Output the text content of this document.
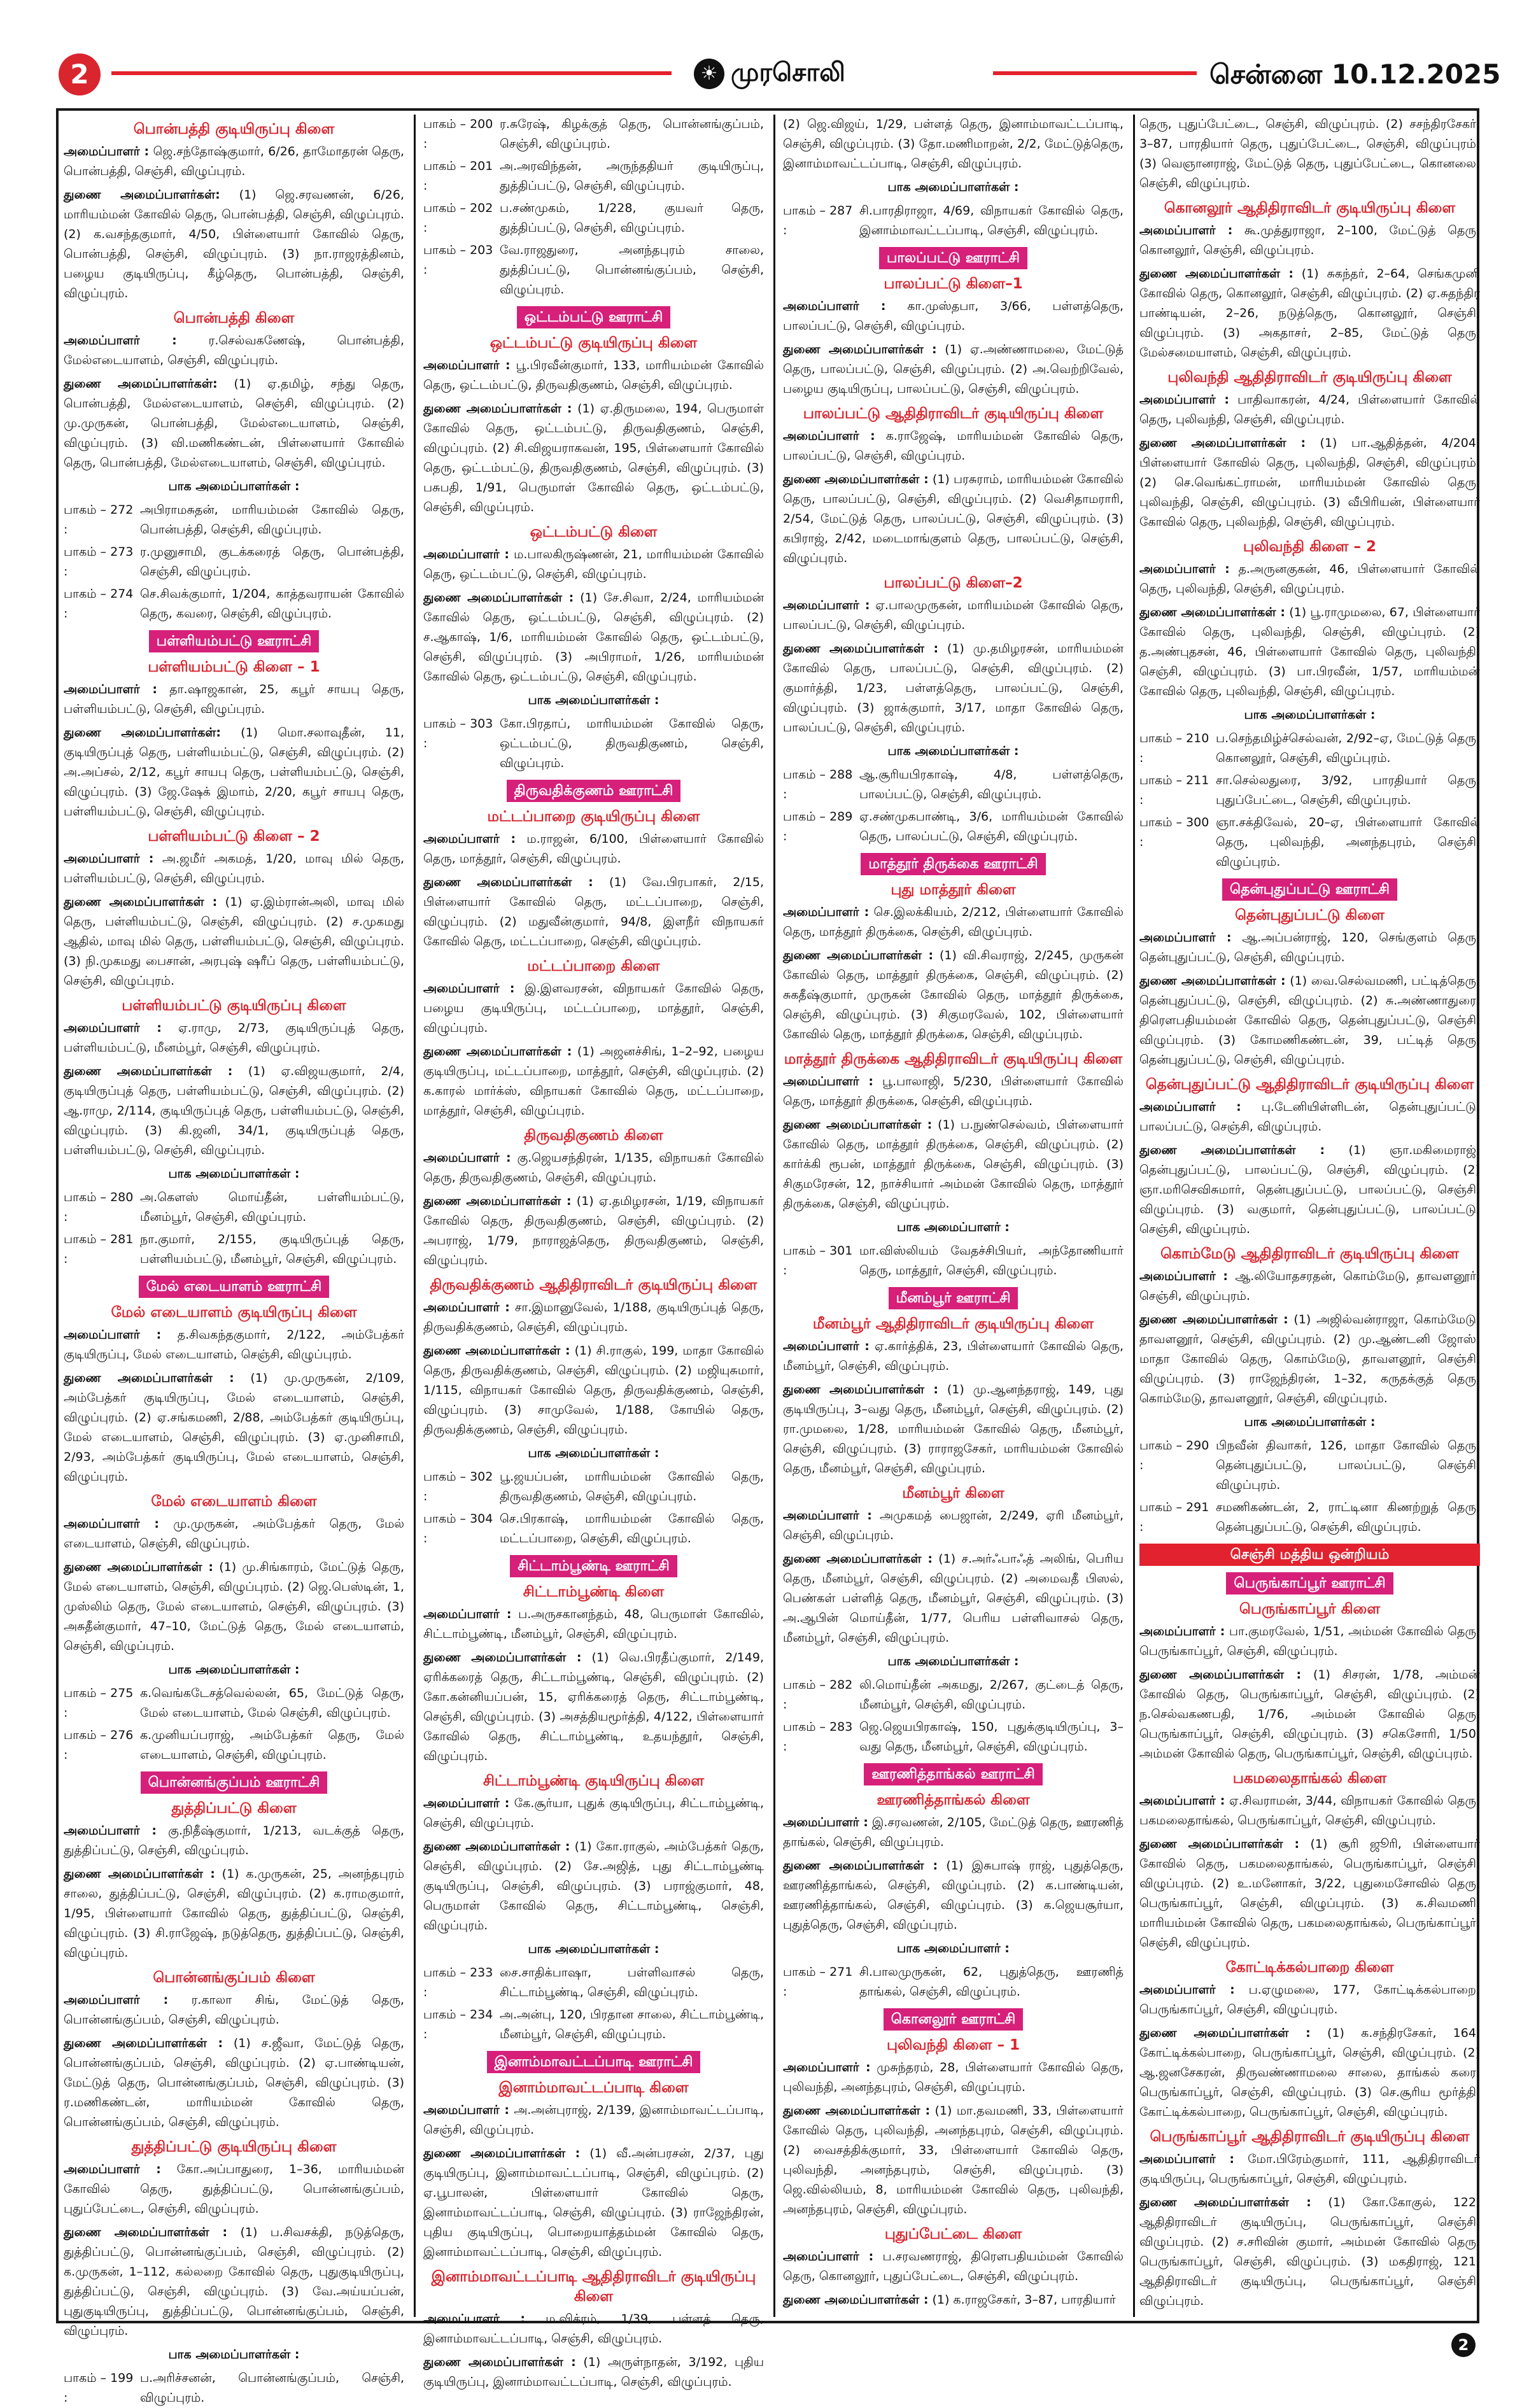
2	☀ முரசொலி	சென்னை 10.12.2025
பொன்பத்தி குடியிருப்பு கிளை
அமைப்பாளர் : ஜெ.சந்தோஷ்குமார், 6/26, தாமோதரன் தெரு, பொன்பத்தி, செஞ்சி, விழுப்புரம்.
துணை அமைப்பாளர்கள்: (1) ஜெ.சரவணன், 6/26, மாரியம்மன் கோவில் தெரு, பொன்பத்தி, செஞ்சி, விழுப்புரம். (2) க.வசந்தகுமார், 4/50, பிள்ளையார் கோவில் தெரு, பொன்பத்தி, செஞ்சி, விழுப்புரம். (3) நா.ராஜரத்தினம், பழைய குடியிருப்பு, கீழ்தெரு, பொன்பத்தி, செஞ்சி, விழுப்புரம்.
பொன்பத்தி கிளை
அமைப்பாளர் : ர.செல்வகணேஷ், பொன்பத்தி, மேல்எடையாளம், செஞ்சி, விழுப்புரம்.
துணை அமைப்பாளர்கள்: (1) ஏ.தமிழ், சந்து தெரு, பொன்பத்தி, மேல்எடையாளம், செஞ்சி, விழுப்புரம். (2) மு.முருகன், பொன்பத்தி, மேல்எடையாளம், செஞ்சி, விழுப்புரம். (3) வி.மணிகண்டன், பிள்ளையார் கோவில் தெரு, பொன்பத்தி, மேல்எடையாளம், செஞ்சி, விழுப்புரம்.
பாக அமைப்பாளர்கள் :
பாகம் – 272 :
அபிராமசுதன், மாரியம்மன் கோவில் தெரு, பொன்பத்தி, செஞ்சி, விழுப்புரம்.
பாகம் – 273 :
ர.முனுசாமி, குடக்கரைத் தெரு, பொன்பத்தி, செஞ்சி, விழுப்புரம்.
பாகம் – 274 :
செ.சிவக்குமார், 1/204, காத்தவராயன் கோவில் தெரு, கவரை, செஞ்சி, விழுப்புரம்.
பள்ளியம்பட்டு ஊராட்சி
பள்ளியம்பட்டு கிளை – 1
அமைப்பாளர் : தா.ஷாஜகான், 25, கபூர் சாயபு தெரு, பள்ளியம்பட்டு, செஞ்சி, விழுப்புரம்.
துணை அமைப்பாளர்கள்: (1) மொ.சலாவுதீன், 11, குடியிருப்புத் தெரு, பள்ளியம்பட்டு, செஞ்சி, விழுப்புரம். (2) அ.அப்சல், 2/12, கபூர் சாயபு தெரு, பள்ளியம்பட்டு, செஞ்சி, விழுப்புரம். (3) ஜே.ஷேக் இமாம், 2/20, கபூர் சாயபு தெரு, பள்ளியம்பட்டு, செஞ்சி, விழுப்புரம்.
பள்ளியம்பட்டு கிளை – 2
அமைப்பாளர் : அ.ஜமீர் அகமத், 1/20, மாவு மில் தெரு, பள்ளியம்பட்டு, செஞ்சி, விழுப்புரம்.
துணை அமைப்பாளர்கள் : (1) ஏ.இம்ரான்அலி, மாவு மில் தெரு, பள்ளியம்பட்டு, செஞ்சி, விழுப்புரம். (2) ச.முகமது ஆதில், மாவு மில் தெரு, பள்ளியம்பட்டு, செஞ்சி, விழுப்புரம். (3) நி.முகமது பைசான், அரபுஷ் ஷரீப் தெரு, பள்ளியம்பட்டு, செஞ்சி, விழுப்புரம்.
பள்ளியம்பட்டு குடியிருப்பு கிளை
அமைப்பாளர் : ஏ.ராமு, 2/73, குடியிருப்புத் தெரு, பள்ளியம்பட்டு, மீனம்பூர், செஞ்சி, விழுப்புரம்.
துணை அமைப்பாளர்கள் : (1) ஏ.விஜயகுமார், 2/4, குடியிருப்புத் தெரு, பள்ளியம்பட்டு, செஞ்சி, விழுப்புரம். (2) ஆ.ராமு, 2/114, குடியிருப்புத் தெரு, பள்ளியம்பட்டு, செஞ்சி, விழுப்புரம். (3) கி.ஜனி, 34/1, குடியிருப்புத் தெரு, பள்ளியம்பட்டு, செஞ்சி, விழுப்புரம்.
பாக அமைப்பாளர்கள் :
பாகம் – 280 :
அ.கௌஸ் மொய்தீன், பள்ளியம்பட்டு, மீனம்பூர், செஞ்சி, விழுப்புரம்.
பாகம் – 281 :
நா.குமார், 2/155, குடியிருப்புத் தெரு, பள்ளியம்பட்டு, மீனம்பூர், செஞ்சி, விழுப்புரம்.
மேல் எடையாளம் ஊராட்சி
மேல் எடையாளம் குடியிருப்பு கிளை
அமைப்பாளர் : த.சிவகந்தகுமார், 2/122, அம்பேத்கர் குடியிருப்பு, மேல் எடையாளம், செஞ்சி, விழுப்புரம்.
துணை அமைப்பாளர்கள் : (1) மு.முருகன், 2/109, அம்பேத்கர் குடியிருப்பு, மேல் எடையாளம், செஞ்சி, விழுப்புரம். (2) ஏ.சங்கமணி, 2/88, அம்பேத்கர் குடியிருப்பு, மேல் எடையாளம், செஞ்சி, விழுப்புரம். (3) ஏ.முனிசாமி, 2/93, அம்பேத்கர் குடியிருப்பு, மேல் எடையாளம், செஞ்சி, விழுப்புரம்.
மேல் எடையாளம் கிளை
அமைப்பாளர் : மு.முருகன், அம்பேத்கர் தெரு, மேல் எடையாளம், செஞ்சி, விழுப்புரம்.
துணை அமைப்பாளர்கள் : (1) மு.சிங்காரம், மேட்டுத் தெரு, மேல் எடையாளம், செஞ்சி, விழுப்புரம். (2) ஜெ.பெஸ்டின், 1, முஸ்லிம் தெரு, மேல் எடையாளம், செஞ்சி, விழுப்புரம். (3) அசுதீன்குமார், 47–10, மேட்டுத் தெரு, மேல் எடையாளம், செஞ்சி, விழுப்புரம்.
பாக அமைப்பாளர்கள் :
பாகம் – 275 :
க.வெங்கடேசத்வெல்லன், 65, மேட்டுத் தெரு, மேல் எடையாளம், மேல் செஞ்சி, விழுப்புரம்.
பாகம் – 276 :
க.முனியப்பராஜ், அம்பேத்கர் தெரு, மேல் எடையாளம், செஞ்சி, விழுப்புரம்.
பொன்னங்குப்பம் ஊராட்சி
துத்திப்பட்டு கிளை
அமைப்பாளர் : கு.நிதீஷ்குமார், 1/213, வடக்குத் தெரு, துத்திப்பட்டு, செஞ்சி, விழுப்புரம்.
துணை அமைப்பாளர்கள் : (1) க.முருகன், 25, அனந்தபுரம் சாலை, துத்திப்பட்டு, செஞ்சி, விழுப்புரம். (2) க.ராமகுமார், 1/95, பிள்ளையார் கோவில் தெரு, துத்திப்பட்டு, செஞ்சி, விழுப்புரம். (3) சி.ராஜேஷ், நடுத்தெரு, துத்திப்பட்டு, செஞ்சி, விழுப்புரம்.
பொன்னங்குப்பம் கிளை
அமைப்பாளர் : ர.காலா சிங், மேட்டுத் தெரு, பொன்னங்குப்பம், செஞ்சி, விழுப்புரம்.
துணை அமைப்பாளர்கள் : (1) ச.ஜீவா, மேட்டுத் தெரு, பொன்னங்குப்பம், செஞ்சி, விழுப்புரம். (2) ஏ.பாண்டியன், மேட்டுத் தெரு, பொன்னங்குப்பம், செஞ்சி, விழுப்புரம். (3) ர.மணிகண்டன், மாரியம்மன் கோவில் தெரு, பொன்னங்குப்பம், செஞ்சி, விழுப்புரம்.
துத்திப்பட்டு குடியிருப்பு கிளை
அமைப்பாளர் : கோ.அப்பாதுரை, 1–36, மாரியம்மன் கோவில் தெரு, துத்திப்பட்டு, பொன்னங்குப்பம், புதுப்பேட்டை, செஞ்சி, விழுப்புரம்.
துணை அமைப்பாளர்கள் : (1) ப.சிவசக்தி, நடுத்தெரு, துத்திப்பட்டு, பொன்னங்குப்பம், செஞ்சி, விழுப்புரம். (2) க.முருகன், 1–112, கல்லறை கோவில் தெரு, புதுகுடியிருப்பு, துத்திப்பட்டு, செஞ்சி, விழுப்புரம். (3) வே.அய்யப்பன், புதுகுடியிருப்பு, துத்திப்பட்டு, பொன்னங்குப்பம், செஞ்சி, விழுப்புரம்.
பாக அமைப்பாளர்கள் :
பாகம் – 199 :
ப.அரிச்சனன், பொன்னங்குப்பம், செஞ்சி, விழுப்புரம்.
பாகம் – 200 :
ர.சுரேஷ், கிழக்குத் தெரு, பொன்னங்குப்பம், செஞ்சி, விழுப்புரம்.
பாகம் – 201 :
அ.அரவிந்தன், அருந்ததியர் குடியிருப்பு, துத்திப்பட்டு, செஞ்சி, விழுப்புரம்.
பாகம் – 202 :
ப.சண்முகம், 1/228, குயவர் தெரு, துத்திப்பட்டு, செஞ்சி, விழுப்புரம்.
பாகம் – 203 :
வே.ராஜதுரை, அனந்தபுரம் சாலை, துத்திப்பட்டு, பொன்னங்குப்பம், செஞ்சி, விழுப்புரம்.
ஒட்டம்பட்டு ஊராட்சி
ஒட்டம்பட்டு குடியிருப்பு கிளை
அமைப்பாளர் : பூ.பிரவீன்குமார், 133, மாரியம்மன் கோவில் தெரு, ஒட்டம்பட்டு, திருவதிகுணம், செஞ்சி, விழுப்புரம்.
துணை அமைப்பாளர்கள் : (1) ஏ.திருமலை, 194, பெருமாள் கோவில் தெரு, ஒட்டம்பட்டு, திருவதிகுணம், செஞ்சி, விழுப்புரம். (2) சி.விஜயராகவன், 195, பிள்ளையார் கோவில் தெரு, ஒட்டம்பட்டு, திருவதிகுணம், செஞ்சி, விழுப்புரம். (3) பசுபதி, 1/91, பெருமாள் கோவில் தெரு, ஒட்டம்பட்டு, செஞ்சி, விழுப்புரம்.
ஒட்டம்பட்டு கிளை
அமைப்பாளர் : ம.பாலகிருஷ்ணன், 21, மாரியம்மன் கோவில் தெரு, ஒட்டம்பட்டு, செஞ்சி, விழுப்புரம்.
துணை அமைப்பாளர்கள் : (1) சே.சிவா, 2/24, மாரியம்மன் கோவில் தெரு, ஒட்டம்பட்டு, செஞ்சி, விழுப்புரம். (2) ச.ஆகாஷ், 1/6, மாரியம்மன் கோவில் தெரு, ஒட்டம்பட்டு, செஞ்சி, விழுப்புரம். (3) அபிராமர், 1/26, மாரியம்மன் கோவில் தெரு, ஒட்டம்பட்டு, செஞ்சி, விழுப்புரம்.
பாக அமைப்பாளர்கள் :
பாகம் – 303 :
கோ.பிரதாப், மாரியம்மன் கோவில் தெரு, ஒட்டம்பட்டு, திருவதிகுணம், செஞ்சி, விழுப்புரம்.
திருவதிக்குணம் ஊராட்சி
மட்டப்பாறை குடியிருப்பு கிளை
அமைப்பாளர் : ம.ராஜன், 6/100, பிள்ளையார் கோவில் தெரு, மாத்தூர், செஞ்சி, விழுப்புரம்.
துணை அமைப்பாளர்கள் : (1) வே.பிரபாகர், 2/15, பிள்ளையார் கோவில் தெரு, மட்டப்பாறை, செஞ்சி, விழுப்புரம். (2) மதுவீன்குமார், 94/8, இளநீர் விநாயகர் கோவில் தெரு, மட்டப்பாறை, செஞ்சி, விழுப்புரம்.
மட்டப்பாறை கிளை
அமைப்பாளர் : இ.இளவரசன், விநாயகர் கோவில் தெரு, பழைய குடியிருப்பு, மட்டப்பாறை, மாத்தூர், செஞ்சி, விழுப்புரம்.
துணை அமைப்பாளர்கள் : (1) அஜனச்சிங், 1–2–92, பழைய குடியிருப்பு, மட்டப்பாறை, மாத்தூர், செஞ்சி, விழுப்புரம். (2) க.காரல் மார்க்ஸ், விநாயகர் கோவில் தெரு, மட்டப்பாறை, மாத்தூர், செஞ்சி, விழுப்புரம்.
திருவதிகுணம் கிளை
அமைப்பாளர் : கு.ஜெயசந்திரன், 1/135, விநாயகர் கோவில் தெரு, திருவதிகுணம், செஞ்சி, விழுப்புரம்.
துணை அமைப்பாளர்கள் : (1) ஏ.தமிழரசன், 1/19, விநாயகர் கோவில் தெரு, திருவதிகுணம், செஞ்சி, விழுப்புரம். (2) அபராஜ், 1/79, நாராஜத்தெரு, திருவதிகுணம், செஞ்சி, விழுப்புரம்.
திருவதிக்குணம் ஆதிதிராவிடர் குடியிருப்பு கிளை
அமைப்பாளர் : சா.இமானுவேல், 1/188, குடியிருப்புத் தெரு, திருவதிக்குணம், செஞ்சி, விழுப்புரம்.
துணை அமைப்பாளர்கள் : (1) சி.ராகுல், 199, மாதா கோவில் தெரு, திருவதிக்குணம், செஞ்சி, விழுப்புரம். (2) மஜியுசுமார், 1/115, விநாயகர் கோவில் தெரு, திருவதிக்குணம், செஞ்சி, விழுப்புரம். (3) சாமுவேல், 1/188, கோயில் தெரு, திருவதிக்குணம், செஞ்சி, விழுப்புரம்.
பாக அமைப்பாளர்கள் :
பாகம் – 302 :
பூ.ஜயப்பன், மாரியம்மன் கோவில் தெரு, திருவதிகுணம், செஞ்சி, விழுப்புரம்.
பாகம் – 304 :
செ.பிரகாஷ், மாரியம்மன் கோவில் தெரு, மட்டப்பாறை, செஞ்சி, விழுப்புரம்.
சிட்டாம்பூண்டி ஊராட்சி
சிட்டாம்பூண்டி கிளை
அமைப்பாளர் : ப.அருசகானந்தம், 48, பெருமாள் கோவில், சிட்டாம்பூண்டி, மீனம்பூர், செஞ்சி, விழுப்புரம்.
துணை அமைப்பாளர்கள் : (1) வெ.பிரதீப்குமார், 2/149, ஏரிக்கரைத் தெரு, சிட்டாம்பூண்டி, செஞ்சி, விழுப்புரம். (2) கோ.கன்னியப்பன், 15, ஏரிக்கரைத் தெரு, சிட்டாம்பூண்டி, செஞ்சி, விழுப்புரம். (3) அசத்தியமூர்த்தி, 4/122, பிள்ளையார் கோவில் தெரு, சிட்டாம்பூண்டி, உதயந்தூர், செஞ்சி, விழுப்புரம்.
சிட்டாம்பூண்டி குடியிருப்பு கிளை
அமைப்பாளர் : கே.சூர்யா, புதுக் குடியிருப்பு, சிட்டாம்பூண்டி, செஞ்சி, விழுப்புரம்.
துணை அமைப்பாளர்கள் : (1) கோ.ராகுல், அம்பேத்கர் தெரு, செஞ்சி, விழுப்புரம். (2) சே.அஜித், புது சிட்டாம்பூண்டி குடியிருப்பு, செஞ்சி, விழுப்புரம். (3) பராஜ்குமார், 48, பெருமாள் கோவில் தெரு, சிட்டாம்பூண்டி, செஞ்சி, விழுப்புரம்.
பாக அமைப்பாளர்கள் :
பாகம் – 233 :
சை.சாதிக்பாஷா, பள்ளிவாசல் தெரு, சிட்டாம்பூண்டி, செஞ்சி, விழுப்புரம்.
பாகம் – 234 :
அ.அன்பு, 120, பிரதான சாலை, சிட்டாம்பூண்டி, மீனம்பூர், செஞ்சி, விழுப்புரம்.
இனாம்மாவட்டப்பாடி ஊராட்சி
இனாம்மாவட்டப்பாடி கிளை
அமைப்பாளர் : அ.அன்புராஜ், 2/139, இனாம்மாவட்டப்பாடி, செஞ்சி, விழுப்புரம்.
துணை அமைப்பாளர்கள் : (1) வீ.அன்பரசன், 2/37, புது குடியிருப்பு, இனாம்மாவட்டப்பாடி, செஞ்சி, விழுப்புரம். (2) ஏ.பூபாலன், பிள்ளையார் கோவில் தெரு, இனாம்மாவட்டப்பாடி, செஞ்சி, விழுப்புரம். (3) ராஜேந்திரன், புதிய குடியிருப்பு, பொறையாத்தம்மன் கோவில் தெரு, இனாம்மாவட்டப்பாடி, செஞ்சி, விழுப்புரம்.
இனாம்மாவட்டப்பாடி ஆதிதிராவிடர் குடியிருப்பு கிளை
அமைப்பாளர் : ம.விக்ரம், 1/39, பள்ளத் தெரு, இனாம்மாவட்டப்பாடி, செஞ்சி, விழுப்புரம்.
துணை அமைப்பாளர்கள் : (1) அருள்நாதன், 3/192, புதிய குடியிருப்பு, இனாம்மாவட்டப்பாடி, செஞ்சி, விழுப்புரம்.
(2) ஜெ.விஜய், 1/29, பள்ளத் தெரு, இனாம்மாவட்டப்பாடி, செஞ்சி, விழுப்புரம். (3) தோ.மணிமாறன், 2/2, மேட்டுத்தெரு, இனாம்மாவட்டப்பாடி, செஞ்சி, விழுப்புரம்.
பாக அமைப்பாளர்கள் :
பாகம் – 287 :
சி.பாரதிராஜா, 4/69, விநாயகர் கோவில் தெரு, இனாம்மாவட்டப்பாடி, செஞ்சி, விழுப்புரம்.
பாலப்பட்டு ஊராட்சி
பாலப்பட்டு கிளை–1
அமைப்பாளர் : கா.முஸ்தபா, 3/66, பள்ளத்தெரு, பாலப்பட்டு, செஞ்சி, விழுப்புரம்.
துணை அமைப்பாளர்கள் : (1) ஏ.அண்ணாமலை, மேட்டுத் தெரு, பாலப்பட்டு, செஞ்சி, விழுப்புரம். (2) அ.வெற்றிவேல், பழைய குடியிருப்பு, பாலப்பட்டு, செஞ்சி, விழுப்புரம்.
பாலப்பட்டு ஆதிதிராவிடர் குடியிருப்பு கிளை
அமைப்பாளர் : க.ராஜேஷ், மாரியம்மன் கோவில் தெரு, பாலப்பட்டு, செஞ்சி, விழுப்புரம்.
துணை அமைப்பாளர்கள் : (1) பரசுராம், மாரியம்மன் கோவில் தெரு, பாலப்பட்டு, செஞ்சி, விழுப்புரம். (2) வெசிதாமராரி, 2/54, மேட்டுத் தெரு, பாலப்பட்டு, செஞ்சி, விழுப்புரம். (3) கபிராஜ், 2/42, மடைமாங்குளம் தெரு, பாலப்பட்டு, செஞ்சி, விழுப்புரம்.
பாலப்பட்டு கிளை–2
அமைப்பாளர் : ஏ.பாலமுருகன், மாரியம்மன் கோவில் தெரு, பாலப்பட்டு, செஞ்சி, விழுப்புரம்.
துணை அமைப்பாளர்கள் : (1) மு.தமிழரசன், மாரியம்மன் கோவில் தெரு, பாலப்பட்டு, செஞ்சி, விழுப்புரம். (2) குமார்த்தி, 1/23, பள்ளத்தெரு, பாலப்பட்டு, செஞ்சி, விழுப்புரம். (3) ஜாக்குமார், 3/17, மாதா கோவில் தெரு, பாலப்பட்டு, செஞ்சி, விழுப்புரம்.
பாக அமைப்பாளர்கள் :
பாகம் – 288 :
ஆ.சூரியபிரகாஷ், 4/8, பள்ளத்தெரு, பாலப்பட்டு, செஞ்சி, விழுப்புரம்.
பாகம் – 289 :
ஏ.சண்முகபாண்டி, 3/6, மாரியம்மன் கோவில் தெரு, பாலப்பட்டு, செஞ்சி, விழுப்புரம்.
மாத்தூர் திருக்கை ஊராட்சி
புது மாத்தூர் கிளை
அமைப்பாளர் : செ.இலக்கியம், 2/212, பிள்ளையார் கோவில் தெரு, மாத்தூர் திருக்கை, செஞ்சி, விழுப்புரம்.
துணை அமைப்பாளர்கள் : (1) வி.சிவராஜ், 2/245, முருகன் கோவில் தெரு, மாத்தூர் திருக்கை, செஞ்சி, விழுப்புரம். (2) சுகதீஷ்குமார், முருகன் கோவில் தெரு, மாத்தூர் திருக்கை, செஞ்சி, விழுப்புரம். (3) சிகுமரவேல், 102, பிள்ளையார் கோவில் தெரு, மாத்தூர் திருக்கை, செஞ்சி, விழுப்புரம்.
மாத்தூர் திருக்கை ஆதிதிராவிடர் குடியிருப்பு கிளை
அமைப்பாளர் : பூ.பாலாஜி, 5/230, பிள்ளையார் கோவில் தெரு, மாத்தூர் திருக்கை, செஞ்சி, விழுப்புரம்.
துணை அமைப்பாளர்கள் : (1) ப.நுண்செல்வம், பிள்ளையார் கோவில் தெரு, மாத்தூர் திருக்கை, செஞ்சி, விழுப்புரம். (2) கார்க்கி ரூபன், மாத்தூர் திருக்கை, செஞ்சி, விழுப்புரம். (3) சிகுமரேசன், 12, நாச்சியார் அம்மன் கோவில் தெரு, மாத்தூர் திருக்கை, செஞ்சி, விழுப்புரம்.
பாக அமைப்பாளர் :
பாகம் – 301 :
மா.விஸ்லியம் வேதச்சிபியர், அந்தோணியார் தெரு, மாத்தூர், செஞ்சி, விழுப்புரம்.
மீனம்பூர் ஊராட்சி
மீனம்பூர் ஆதிதிராவிடர் குடியிருப்பு கிளை
அமைப்பாளர் : ஏ.கார்த்திக், 23, பிள்ளையார் கோவில் தெரு, மீனம்பூர், செஞ்சி, விழுப்புரம்.
துணை அமைப்பாளர்கள் : (1) மு.ஆனந்தராஜ், 149, புது குடியிருப்பு, 3–வது தெரு, மீனம்பூர், செஞ்சி, விழுப்புரம். (2) ரா.முமலை, 1/28, மாரியம்மன் கோவில் தெரு, மீனம்பூர், செஞ்சி, விழுப்புரம். (3) ராராஜசேகர், மாரியம்மன் கோவில் தெரு, மீனம்பூர், செஞ்சி, விழுப்புரம்.
மீனம்பூர் கிளை
அமைப்பாளர் : அமுகமத் பைஜான், 2/249, ஏரி மீனம்பூர், செஞ்சி, விழுப்புரம்.
துணை அமைப்பாளர்கள் : (1) ச.அர்ஃபாஃத் அலிங், பெரிய தெரு, மீனம்பூர், செஞ்சி, விழுப்புரம். (2) அமைவதீ பிஸல், பெண்கள் பள்ளித் தெரு, மீனம்பூர், செஞ்சி, விழுப்புரம். (3) அ.ஆபின் மொய்தீன், 1/77, பெரிய பள்ளிவாசல் தெரு, மீனம்பூர், செஞ்சி, விழுப்புரம்.
பாக அமைப்பாளர்கள் :
பாகம் – 282 :
லி.மொய்தீன் அகமது, 2/267, குட்டைத் தெரு, மீனம்பூர், செஞ்சி, விழுப்புரம்.
பாகம் – 283 :
ஜெ.ஜெயபிரகாஷ், 150, புதுக்குடியிருப்பு, 3–வது தெரு, மீனம்பூர், செஞ்சி, விழுப்புரம்.
ஊரணித்தாங்கல் ஊராட்சி
ஊரணித்தாங்கல் கிளை
அமைப்பாளர் : இ.சரவணன், 2/105, மேட்டுத் தெரு, ஊரணித் தாங்கல், செஞ்சி, விழுப்புரம்.
துணை அமைப்பாளர்கள் : (1) இசுபாஷ் ராஜ், புதுத்தெரு, ஊரணித்தாங்கல், செஞ்சி, விழுப்புரம். (2) க.பாண்டியன், ஊரணித்தாங்கல், செஞ்சி, விழுப்புரம். (3) க.ஜெயசூர்யா, புதுத்தெரு, செஞ்சி, விழுப்புரம்.
பாக அமைப்பாளர் :
பாகம் – 271 :
சி.பாலமுருகன், 62, புதுத்தெரு, ஊரணித் தாங்கல், செஞ்சி, விழுப்புரம்.
கொனலூர் ஊராட்சி
புலிவந்தி கிளை – 1
அமைப்பாளர் : முசுந்தரம், 28, பிள்ளையார் கோவில் தெரு, புலிவந்தி, அனந்தபுரம், செஞ்சி, விழுப்புரம்.
துணை அமைப்பாளர்கள் : (1) மா.தவமணி, 33, பிள்ளையார் கோவில் தெரு, புலிவந்தி, அனந்தபுரம், செஞ்சி, விழுப்புரம். (2) வைசத்திக்குமார், 33, பிள்ளையார் கோவில் தெரு, புலிவந்தி, அனந்தபுரம், செஞ்சி, விழுப்புரம். (3) ஜெ.வில்லியம், 8, மாரியம்மன் கோவில் தெரு, புலிவந்தி, அனந்தபுரம், செஞ்சி, விழுப்புரம்.
புதுப்பேட்டை கிளை
அமைப்பாளர் : ப.சரவணராஜ், திரௌபதியம்மன் கோவில் தெரு, கொனலூர், புதுப்பேட்டை, செஞ்சி, விழுப்புரம்.
துணை அமைப்பாளர்கள் : (1) க.ராஜசேகர், 3–87, பாரதியார்
தெரு, புதுப்பேட்டை, செஞ்சி, விழுப்புரம். (2) சசந்திரசேகர், 3–87, பாரதியார் தெரு, புதுப்பேட்டை, செஞ்சி, விழுப்புரம். (3) வெஞானராஜ், மேட்டுத் தெரு, புதுப்பேட்டை, கொனலை, செஞ்சி, விழுப்புரம்.
கொனலூர் ஆதிதிராவிடர் குடியிருப்பு கிளை
அமைப்பாளர் : கூ.முத்துராஜா, 2–100, மேட்டுத் தெரு, கொனலூர், செஞ்சி, விழுப்புரம்.
துணை அமைப்பாளர்கள் : (1) சுகந்தர், 2–64, செங்கமுனி கோவில் தெரு, கொனலூர், செஞ்சி, விழுப்புரம். (2) ஏ.சுதந்திர பாண்டியன், 2–26, நடுத்தெரு, கொனலூர், செஞ்சி, விழுப்புரம். (3) அகதாசர், 2–85, மேட்டுத் தெரு, மேல்சமையாளம், செஞ்சி, விழுப்புரம்.
புலிவந்தி ஆதிதிராவிடர் குடியிருப்பு கிளை
அமைப்பாளர் : பாதிவாகரன், 4/24, பிள்ளையார் கோவில் தெரு, புலிவந்தி, செஞ்சி, விழுப்புரம்.
துணை அமைப்பாளர்கள் : (1) பா.ஆதித்தன், 4/204, பிள்ளையார் கோவில் தெரு, புலிவந்தி, செஞ்சி, விழுப்புரம். (2) செ.வெங்கட்ராமன், மாரியம்மன் கோவில் தெரு, புலிவந்தி, செஞ்சி, விழுப்புரம். (3) வீபிரியன், பிள்ளையார் கோவில் தெரு, புலிவந்தி, செஞ்சி, விழுப்புரம்.
புலிவந்தி கிளை – 2
அமைப்பாளர் : த.அருனகுகன், 46, பிள்ளையார் கோவில் தெரு, புலிவந்தி, செஞ்சி, விழுப்புரம்.
துணை அமைப்பாளர்கள் : (1) பூ.ராமுமலை, 67, பிள்ளையார் கோவில் தெரு, புலிவந்தி, செஞ்சி, விழுப்புரம். (2) த.அண்புதசன், 46, பிள்ளையார் கோவில் தெரு, புலிவந்தி, செஞ்சி, விழுப்புரம். (3) பா.பிரவீன், 1/57, மாரியம்மன் கோவில் தெரு, புலிவந்தி, செஞ்சி, விழுப்புரம்.
பாக அமைப்பாளர்கள் :
பாகம் – 210 :
ப.செந்தமிழ்ச்செல்வன், 2/92–ஏ, மேட்டுத் தெரு, கொனலூர், செஞ்சி, விழுப்புரம்.
பாகம் – 211 :
சா.செல்லதுரை, 3/92, பாரதியார் தெரு, புதுப்பேட்டை, செஞ்சி, விழுப்புரம்.
பாகம் – 300 :
ஞா.சக்திவேல், 20–ஏ, பிள்ளையார் கோவில் தெரு, புலிவந்தி, அனந்தபுரம், செஞ்சி, விழுப்புரம்.
தென்புதுப்பட்டு ஊராட்சி
தென்புதுப்பட்டு கிளை
அமைப்பாளர் : ஆ.அப்பன்ராஜ், 120, செங்குளம் தெரு, தென்புதுப்பட்டு, செஞ்சி, விழுப்புரம்.
துணை அமைப்பாளர்கள் : (1) வை.செல்வமணி, பட்டித்தெரு, தென்புதுப்பட்டு, செஞ்சி, விழுப்புரம். (2) சு.அண்ணாதுரை, திரௌபதியம்மன் கோவில் தெரு, தென்புதுப்பட்டு, செஞ்சி, விழுப்புரம். (3) கோமணிகண்டன், 39, பட்டித் தெரு, தென்புதுப்பட்டு, செஞ்சி, விழுப்புரம்.
தென்புதுப்பட்டு ஆதிதிராவிடர் குடியிருப்பு கிளை
அமைப்பாளர் : பு.டேனியிள்ளிடன், தென்புதுப்பட்டு, பாலப்பட்டு, செஞ்சி, விழுப்புரம்.
துணை அமைப்பாளர்கள் : (1) ஞா.மகிமைராஜ், தென்புதுப்பட்டு, பாலப்பட்டு, செஞ்சி, விழுப்புரம். (2) ஞா.மரிசெவிசுமார், தென்புதுப்பட்டு, பாலப்பட்டு, செஞ்சி, விழுப்புரம். (3) வகுமார், தென்புதுப்பட்டு, பாலப்பட்டு, செஞ்சி, விழுப்புரம்.
கொம்மேடு ஆதிதிராவிடர் குடியிருப்பு கிளை
அமைப்பாளர் : ஆ.லியோதசரதன், கொம்மேடு, தாவளனூர், செஞ்சி, விழுப்புரம்.
துணை அமைப்பாளர்கள் : (1) அஜில்வன்ராஜா, கொம்மேடு, தாவளனூர், செஞ்சி, விழுப்புரம். (2) மு.ஆண்டனி ஜோஸ், மாதா கோவில் தெரு, கொம்மேடு, தாவளனூர், செஞ்சி, விழுப்புரம். (3) ராஜேந்திரன், 1–32, கருதக்குத் தெரு, கொம்மேடு, தாவளனூர், செஞ்சி, விழுப்புரம்.
பாக அமைப்பாளர்கள் :
பாகம் – 290 :
பிநவீன் திவாகர், 126, மாதா கோவில் தெரு, தென்புதுப்பட்டு, பாலப்பட்டு, செஞ்சி, விழுப்புரம்.
பாகம் – 291 :
சமணிகண்டன், 2, ராட்டினா கிணற்றுத் தெரு, தென்புதுப்பட்டு, செஞ்சி, விழுப்புரம்.
செஞ்சி மத்திய ஒன்றியம்
பெருங்காப்பூர் ஊராட்சி
பெருங்காப்பூர் கிளை
அமைப்பாளர் : பா.குமரவேல், 1/51, அம்மன் கோவில் தெரு, பெருங்காப்பூர், செஞ்சி, விழுப்புரம்.
துணை அமைப்பாளர்கள் : (1) சிசரன், 1/78, அம்மன் கோவில் தெரு, பெருங்காப்பூர், செஞ்சி, விழுப்புரம். (2) ந.செல்வகணபதி, 1/76, அம்மன் கோவில் தெரு, பெருங்காப்பூர், செஞ்சி, விழுப்புரம். (3) சகெசோரி, 1/50, அம்மன் கோவில் தெரு, பெருங்காப்பூர், செஞ்சி, விழுப்புரம்.
பகமலைதாங்கல் கிளை
அமைப்பாளர் : ஏ.சிவராமன், 3/44, விநாயகர் கோவில் தெரு, பகமலைதாங்கல், பெருங்காப்பூர், செஞ்சி, விழுப்புரம்.
துணை அமைப்பாளர்கள் : (1) சூரி ஜூரி, பிள்ளையார் கோவில் தெரு, பகமலைதாங்கல், பெருங்காப்பூர், செஞ்சி, விழுப்புரம். (2) உ.மனோகர், 3/22, புதுமைசோவில் தெரு, பெருங்காப்பூர், செஞ்சி, விழுப்புரம். (3) க.சிவமணி, மாரியம்மன் கோவில் தெரு, பகமலைதாங்கல், பெருங்காப்பூர், செஞ்சி, விழுப்புரம்.
கோட்டிக்கல்பாறை கிளை
அமைப்பாளர் : ப.ஏழுமலை, 177, கோட்டிக்கல்பாறை, பெருங்காப்பூர், செஞ்சி, விழுப்புரம்.
துணை அமைப்பாளர்கள் : (1) க.சந்திரசேகர், 164, கோட்டிக்கல்பாறை, பெருங்காப்பூர், செஞ்சி, விழுப்புரம். (2) ஆ.ஜனசேகரன், திருவண்ணாமலை சாலை, தாங்கல் கரை, பெருங்காப்பூர், செஞ்சி, விழுப்புரம். (3) செ.சூரிய மூர்த்தி, கோட்டிக்கல்பாறை, பெருங்காப்பூர், செஞ்சி, விழுப்புரம்.
பெருங்காப்பூர் ஆதிதிராவிடர் குடியிருப்பு கிளை
அமைப்பாளர் : மோ.பிரேம்குமார், 111, ஆதிதிராவிடர் குடியிருப்பு, பெருங்காப்பூர், செஞ்சி, விழுப்புரம்.
துணை அமைப்பாளர்கள் : (1) கோ.கோகுல், 122, ஆதிதிராவிடர் குடியிருப்பு, பெருங்காப்பூர், செஞ்சி, விழுப்புரம். (2) ச.சரிவின் குமார், அம்மன் கோவில் தெரு, பெருங்காப்பூர், செஞ்சி, விழுப்புரம். (3) மகதிராஜ், 121, ஆதிதிராவிடர் குடியிருப்பு, பெருங்காப்பூர், செஞ்சி, விழுப்புரம்.
2
